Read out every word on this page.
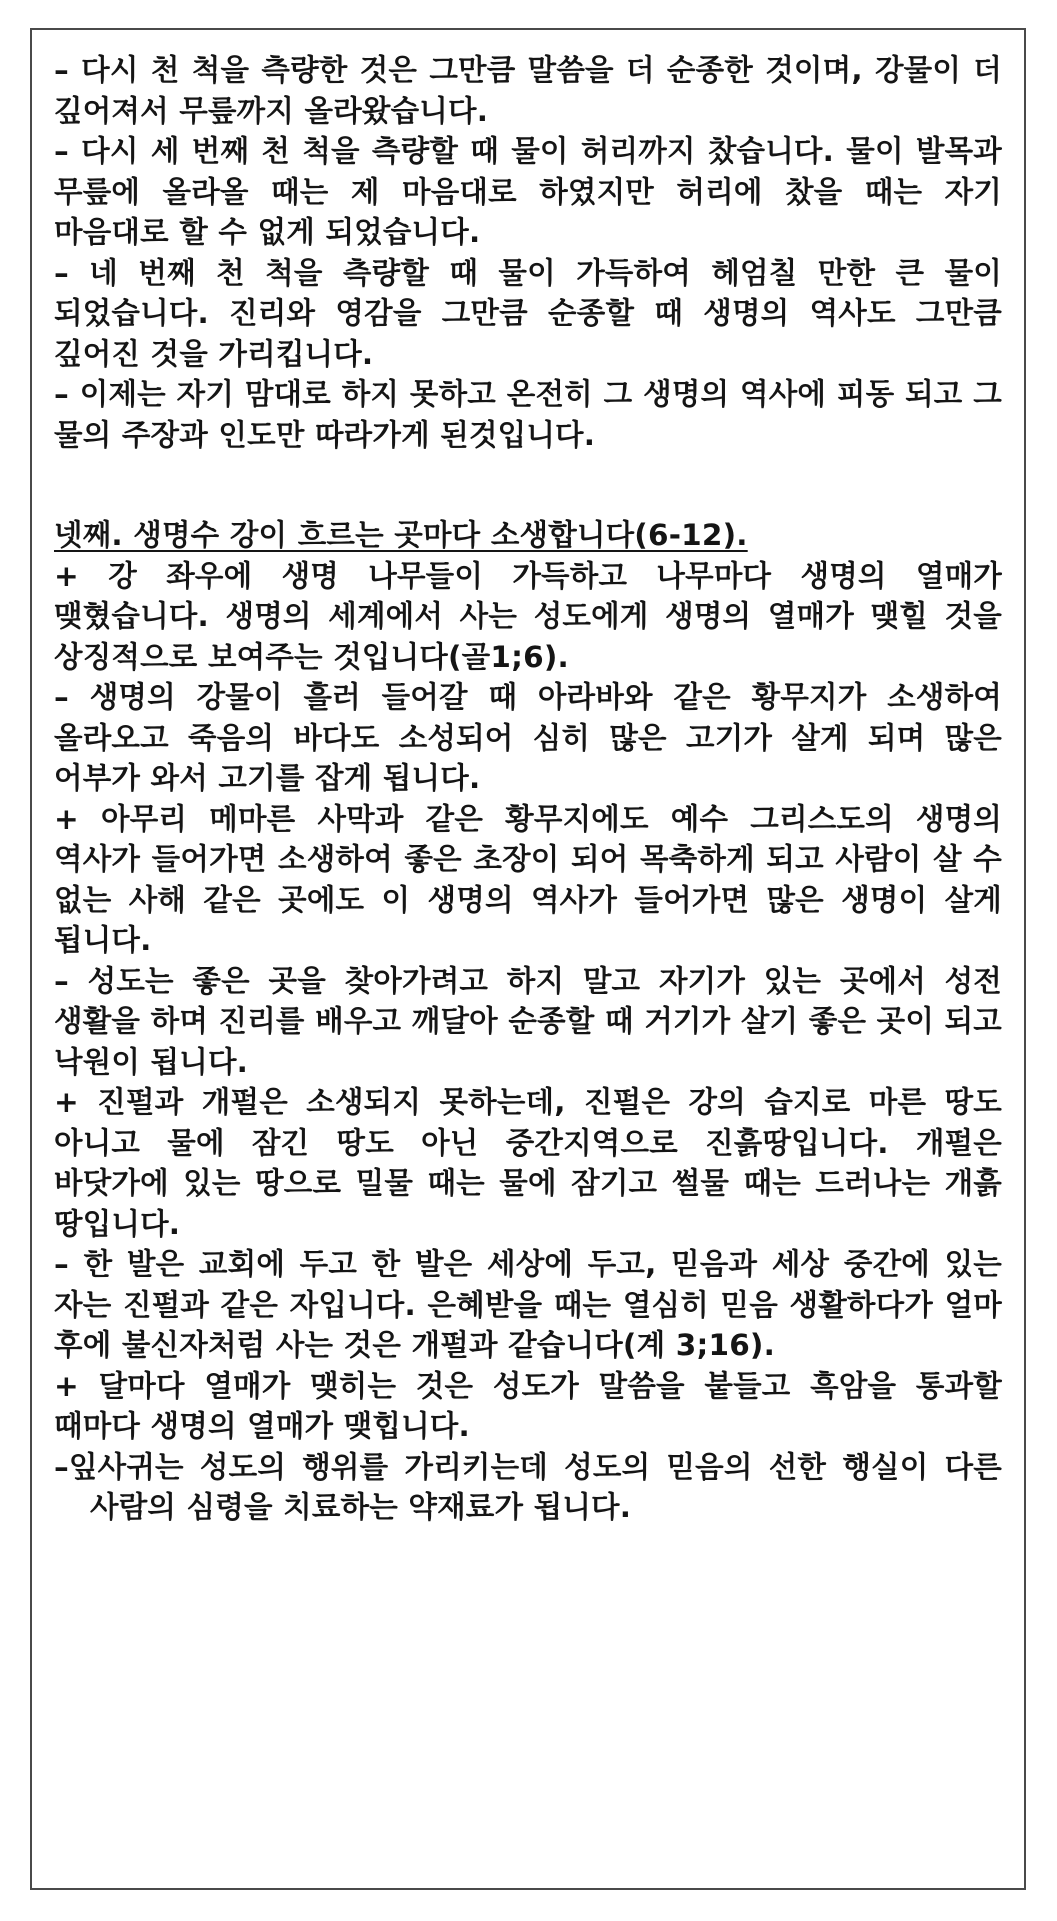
– 다시 천 척을 측량한 것은 그만큼 말씀을 더 순종한 것이며, 강물이 더 깊어져서 무릎까지 올라왔습니다.

– 다시 세 번째 천 척을 측량할 때 물이 허리까지 찼습니다. 물이 발목과 무릎에 올라올 때는 제 마음대로 하였지만 허리에 찼을 때는 자기 마음대로 할 수 없게 되었습니다.

– 네 번째 천 척을 측량할 때 물이 가득하여 헤엄칠 만한 큰 물이 되었습니다. 진리와 영감을 그만큼 순종할 때 생명의 역사도 그만큼 깊어진 것을 가리킵니다.

– 이제는 자기 맘대로 하지 못하고 온전히 그 생명의 역사에 피동 되고 그 물의 주장과 인도만 따라가게 된것입니다.

넷째. 생명수 강이 흐르는 곳마다 소생합니다(6-12).

+ 강 좌우에 생명 나무들이 가득하고 나무마다 생명의 열매가 맺혔습니다. 생명의 세계에서 사는 성도에게 생명의 열매가 맺힐 것을 상징적으로 보여주는 것입니다(골1;6).

– 생명의 강물이 흘러 들어갈 때 아라바와 같은 황무지가 소생하여 올라오고 죽음의 바다도 소성되어 심히 많은 고기가 살게 되며 많은 어부가 와서 고기를 잡게 됩니다.

+ 아무리 메마른 사막과 같은 황무지에도 예수 그리스도의 생명의 역사가 들어가면 소생하여 좋은 초장이 되어 목축하게 되고 사람이 살 수 없는 사해 같은 곳에도 이 생명의 역사가 들어가면 많은 생명이 살게 됩니다.

– 성도는 좋은 곳을 찾아가려고 하지 말고 자기가 있는 곳에서 성전 생활을 하며 진리를 배우고 깨달아 순종할 때 거기가 살기 좋은 곳이 되고 낙원이 됩니다.

+ 진펄과 개펄은 소생되지 못하는데, 진펄은 강의 습지로 마른 땅도 아니고 물에 잠긴 땅도 아닌 중간지역으로 진흙땅입니다. 개펄은 바닷가에 있는 땅으로 밀물 때는 물에 잠기고 썰물 때는 드러나는 개흙 땅입니다.

– 한 발은 교회에 두고 한 발은 세상에 두고, 믿음과 세상 중간에 있는 자는 진펄과 같은 자입니다. 은혜받을 때는 열심히 믿음 생활하다가 얼마 후에 불신자처럼 사는 것은 개펄과 같습니다(계 3;16).

+ 달마다 열매가 맺히는 것은 성도가 말씀을 붙들고 흑암을 통과할 때마다 생명의 열매가 맺힙니다.

–잎사귀는 성도의 행위를 가리키는데 성도의 믿음의 선한 행실이 다른 사람의 심령을 치료하는 약재료가 됩니다.
